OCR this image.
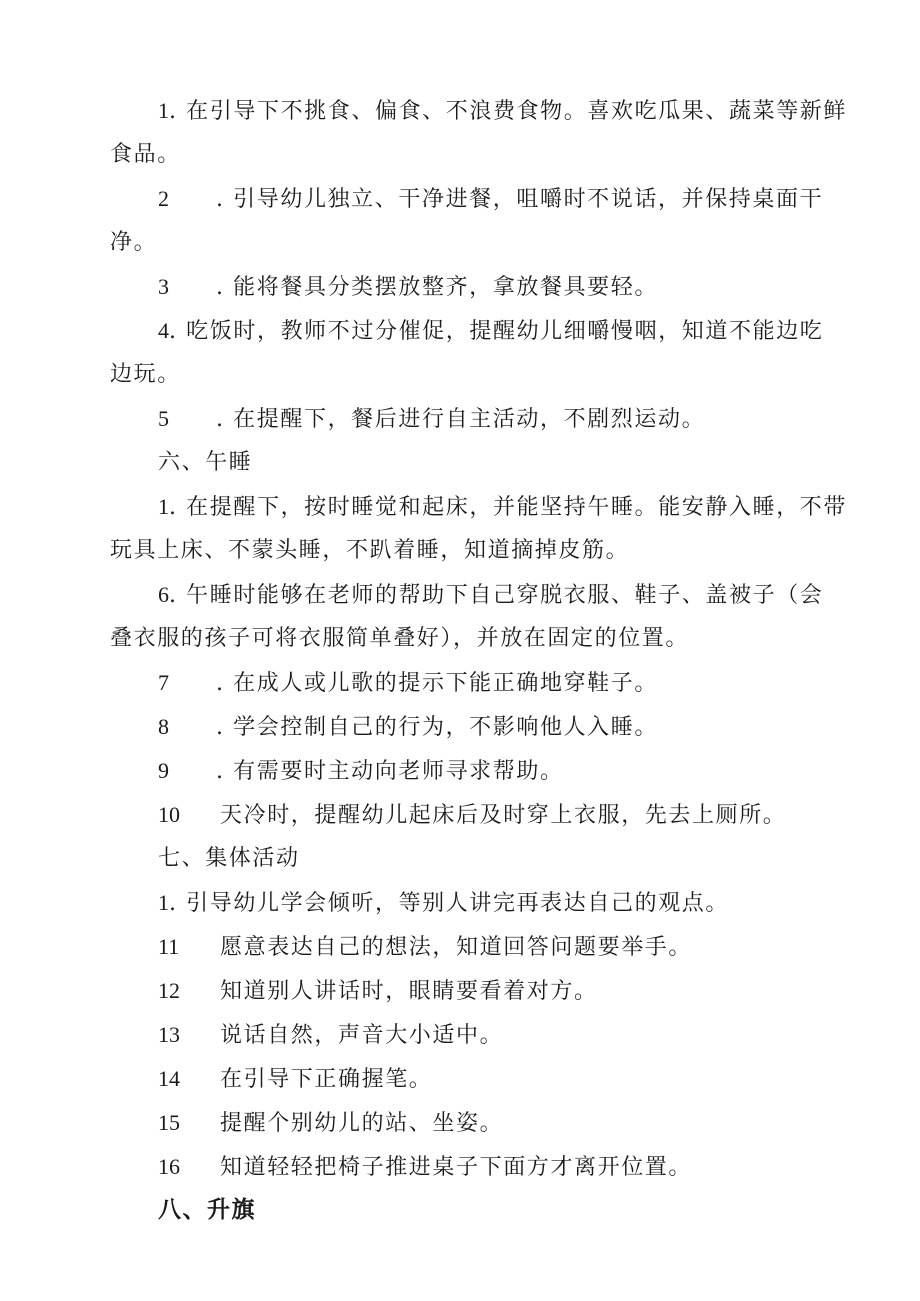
1. 在引导下不挑食、偏食、不浪费食物。喜欢吃瓜果、蔬菜等新鲜
食品。
2 . 引导幼儿独立、干净进餐，咀嚼时不说话，并保持桌面干
净。
3 . 能将餐具分类摆放整齐，拿放餐具要轻。
4. 吃饭时，教师不过分催促，提醒幼儿细嚼慢咽，知道不能边吃
边玩。
5 . 在提醒下，餐后进行自主活动，不剧烈运动。
六、午睡
1. 在提醒下，按时睡觉和起床，并能坚持午睡。能安静入睡，不带
玩具上床、不蒙头睡，不趴着睡，知道摘掉皮筋。
6. 午睡时能够在老师的帮助下自己穿脱衣服、鞋子、盖被子（会
叠衣服的孩子可将衣服简单叠好），并放在固定的位置。
7 . 在成人或儿歌的提示下能正确地穿鞋子。
8 . 学会控制自己的行为，不影响他人入睡。
9 . 有需要时主动向老师寻求帮助。
10 天冷时，提醒幼儿起床后及时穿上衣服，先去上厕所。
七、集体活动
1. 引导幼儿学会倾听，等别人讲完再表达自己的观点。
11 愿意表达自己的想法，知道回答问题要举手。
12 知道别人讲话时，眼睛要看着对方。
13 说话自然，声音大小适中。
14 在引导下正确握笔。
15 提醒个别幼儿的站、坐姿。
16 知道轻轻把椅子推进桌子下面方才离开位置。
八、升旗
